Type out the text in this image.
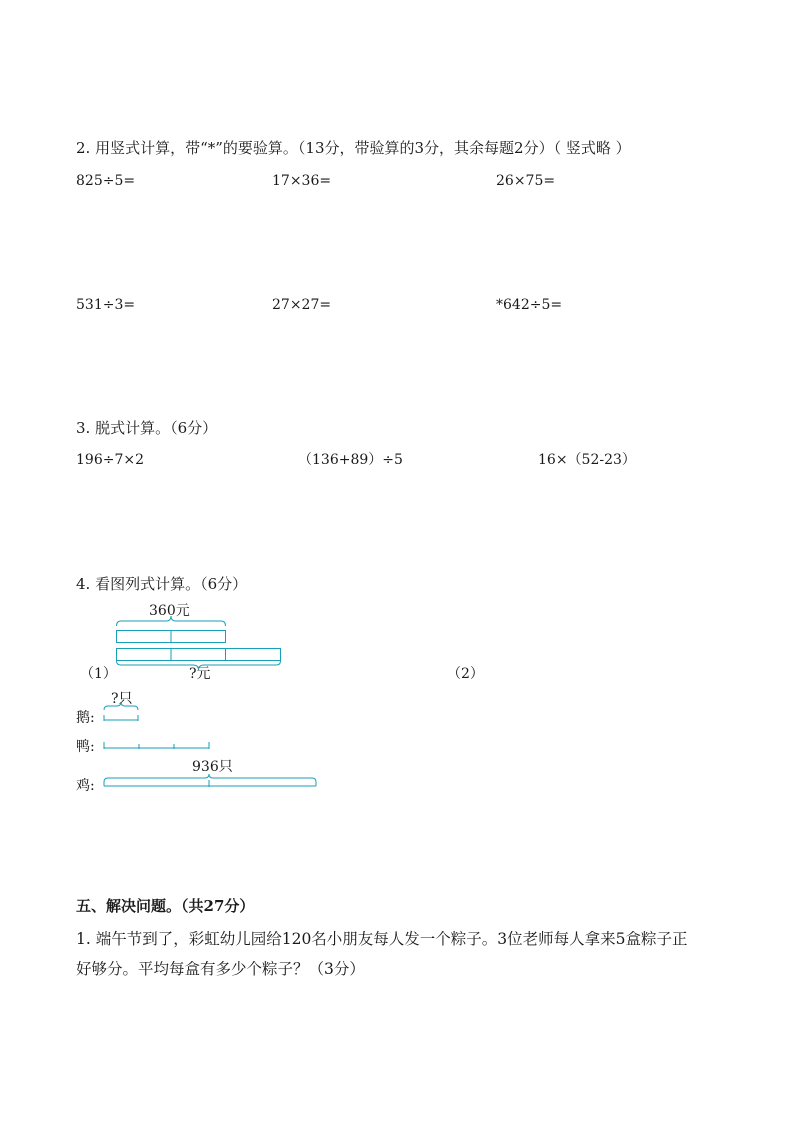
2. 用竖式计算，带“*”的要验算。（13分，带验算的3分，其余每题2分）（ 竖式略 ）
825÷5=	17×36=	26×75=
531÷3=	27×27=	*642÷5=
3. 脱式计算。（6分）
196÷7×2	（136+89）÷5	16×（52-23）
4. 看图列式计算。（6分）
360元
（1）	?元	（2）
?只
鹅:
鸭:
936只
鸡:
五、解决问题。（共27分）
1. 端午节到了，彩虹幼儿园给120名小朋友每人发一个粽子。3位老师每人拿来5盒粽子正
好够分。平均每盒有多少个粽子？（3分）
